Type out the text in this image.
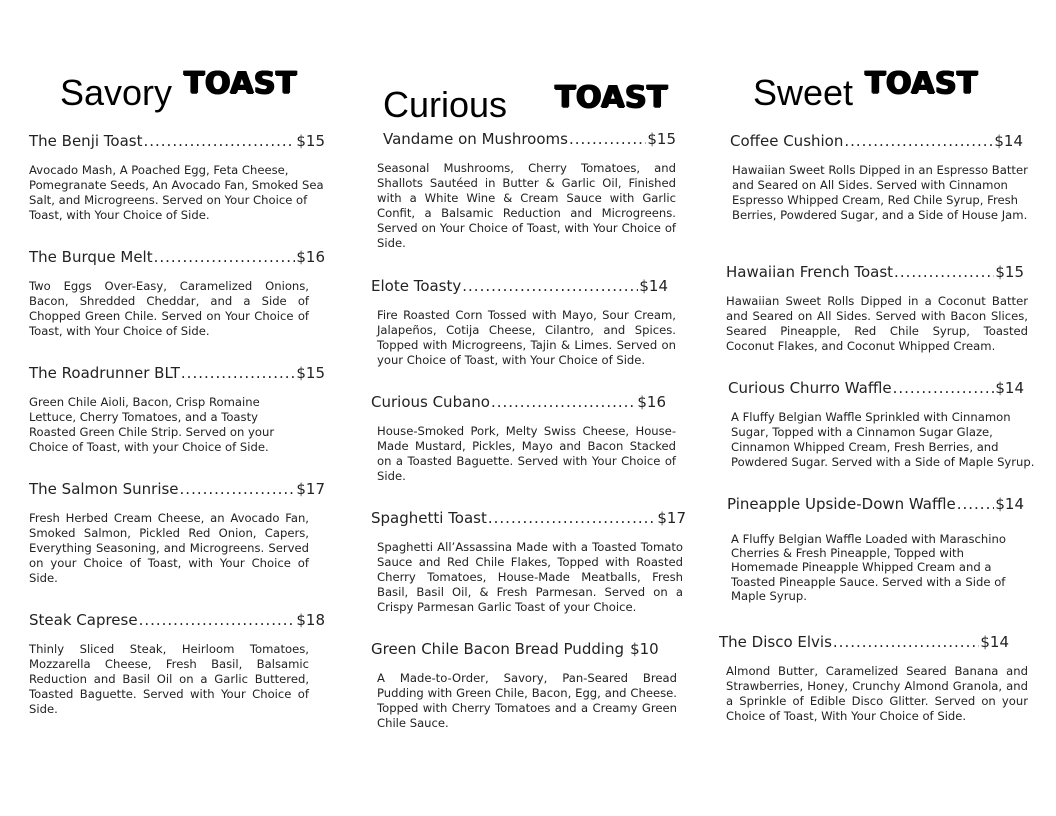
Savory TOAST
The Benji Toast .....	$15
Avocado Mash, A Poached Egg, Feta Cheese, Pomegranate Seeds, An Avocado Fan, Smoked Sea Salt, and Microgreens. Served on Your Choice of Toast, with Your Choice of Side.
The Burque Melt .....	$16
Two Eggs Over-Easy, Caramelized Onions, Bacon, Shredded Cheddar, and a Side of Chopped Green Chile. Served on Your Choice of Toast, with Your Choice of Side.
The Roadrunner BLT .....	$15
Green Chile Aioli, Bacon, Crisp Romaine Lettuce, Cherry Tomatoes, and a Toasty Roasted Green Chile Strip. Served on your Choice of Toast, with your Choice of Side.
The Salmon Sunrise .....	$17
Fresh Herbed Cream Cheese, an Avocado Fan, Smoked Salmon, Pickled Red Onion, Capers, Everything Seasoning, and Microgreens. Served on your Choice of Toast, with Your Choice of Side.
Steak Caprese .....	$18
Thinly Sliced Steak, Heirloom Tomatoes, Mozzarella Cheese, Fresh Basil, Balsamic Reduction and Basil Oil on a Garlic Buttered, Toasted Baguette. Served with Your Choice of Side.
Curious TOAST
Vandame on Mushrooms .....	$15
Seasonal Mushrooms, Cherry Tomatoes, and Shallots Sautéed in Butter & Garlic Oil, Finished with a White Wine & Cream Sauce with Garlic Confit, a Balsamic Reduction and Microgreens. Served on Your Choice of Toast, with Your Choice of Side.
Elote Toasty .....	$14
Fire Roasted Corn Tossed with Mayo, Sour Cream, Jalapeños, Cotija Cheese, Cilantro, and Spices. Topped with Microgreens, Tajin & Limes. Served on your Choice of Toast, with Your Choice of Side.
Curious Cubano .....	$16
House-Smoked Pork, Melty Swiss Cheese, House-Made Mustard, Pickles, Mayo and Bacon Stacked on a Toasted Baguette. Served with Your Choice of Side.
Spaghetti Toast .....	$17
Spaghetti All’Assassina Made with a Toasted Tomato Sauce and Red Chile Flakes, Topped with Roasted Cherry Tomatoes, House-Made Meatballs, Fresh Basil, Basil Oil, & Fresh Parmesan. Served on a Crispy Parmesan Garlic Toast of your Choice.
Green Chile Bacon Bread Pudding $10
A Made-to-Order, Savory, Pan-Seared Bread Pudding with Green Chile, Bacon, Egg, and Cheese. Topped with Cherry Tomatoes and a Creamy Green Chile Sauce.
Sweet TOAST
Coffee Cushion .....	$14
Hawaiian Sweet Rolls Dipped in an Espresso Batter and Seared on All Sides. Served with Cinnamon Espresso Whipped Cream, Red Chile Syrup, Fresh Berries, Powdered Sugar, and a Side of House Jam.
Hawaiian French Toast .....	$15
Hawaiian Sweet Rolls Dipped in a Coconut Batter and Seared on All Sides. Served with Bacon Slices, Seared Pineapple, Red Chile Syrup, Toasted Coconut Flakes, and Coconut Whipped Cream.
Curious Churro Waffle .....	$14
A Fluffy Belgian Waffle Sprinkled with Cinnamon Sugar, Topped with a Cinnamon Sugar Glaze, Cinnamon Whipped Cream, Fresh Berries, and Powdered Sugar. Served with a Side of Maple Syrup.
Pineapple Upside-Down Waffle .....	$14
A Fluffy Belgian Waffle Loaded with Maraschino Cherries & Fresh Pineapple, Topped with Homemade Pineapple Whipped Cream and a Toasted Pineapple Sauce. Served with a Side of Maple Syrup.
The Disco Elvis .....	$14
Almond Butter, Caramelized Seared Banana and Strawberries, Honey, Crunchy Almond Granola, and a Sprinkle of Edible Disco Glitter. Served on your Choice of Toast, With Your Choice of Side.
